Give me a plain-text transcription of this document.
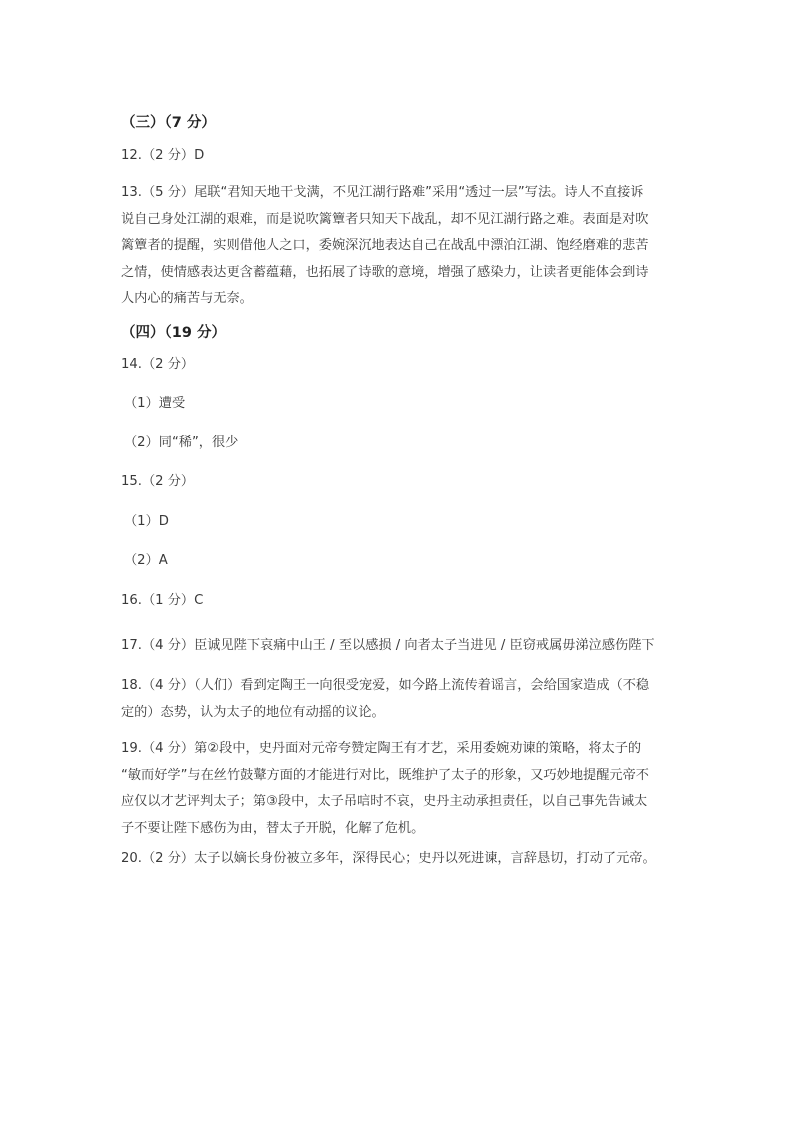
（三）（7 分）
12.（2 分）D
13.（5 分）尾联“君知天地干戈满，不见江湖行路难”采用“透过一层”写法。诗人不直接诉
说自己身处江湖的艰难，而是说吹篱簟者只知天下战乱，却不见江湖行路之难。表面是对吹
篱簟者的提醒，实则借他人之口，委婉深沉地表达自己在战乱中漂泊江湖、饱经磨难的悲苦
之情，使情感表达更含蓄蕴藉，也拓展了诗歌的意境，增强了感染力，让读者更能体会到诗
人内心的痛苦与无奈。
（四）（19 分）
14.（2 分）
（1）遭受
（2）同“稀”，很少
15.（2 分）
（1）D
（2）A
16.（1 分）C
17.（4 分）臣诚见陛下哀痛中山王 / 至以感损 / 向者太子当进见 / 臣窃戒属毋涕泣感伤陛下
18.（4 分）（人们）看到定陶王一向很受宠爱，如今路上流传着谣言，会给国家造成（不稳
定的）态势，认为太子的地位有动摇的议论。
19.（4 分）第②段中，史丹面对元帝夸赞定陶王有才艺，采用委婉劝谏的策略，将太子的
“敏而好学”与在丝竹鼓鼙方面的才能进行对比，既维护了太子的形象，又巧妙地提醒元帝不
应仅以才艺评判太子；第③段中，太子吊唁时不哀，史丹主动承担责任，以自己事先告诫太
子不要让陛下感伤为由，替太子开脱，化解了危机。
20.（2 分）太子以嫡长身份被立多年，深得民心；史丹以死进谏，言辞恳切，打动了元帝。
